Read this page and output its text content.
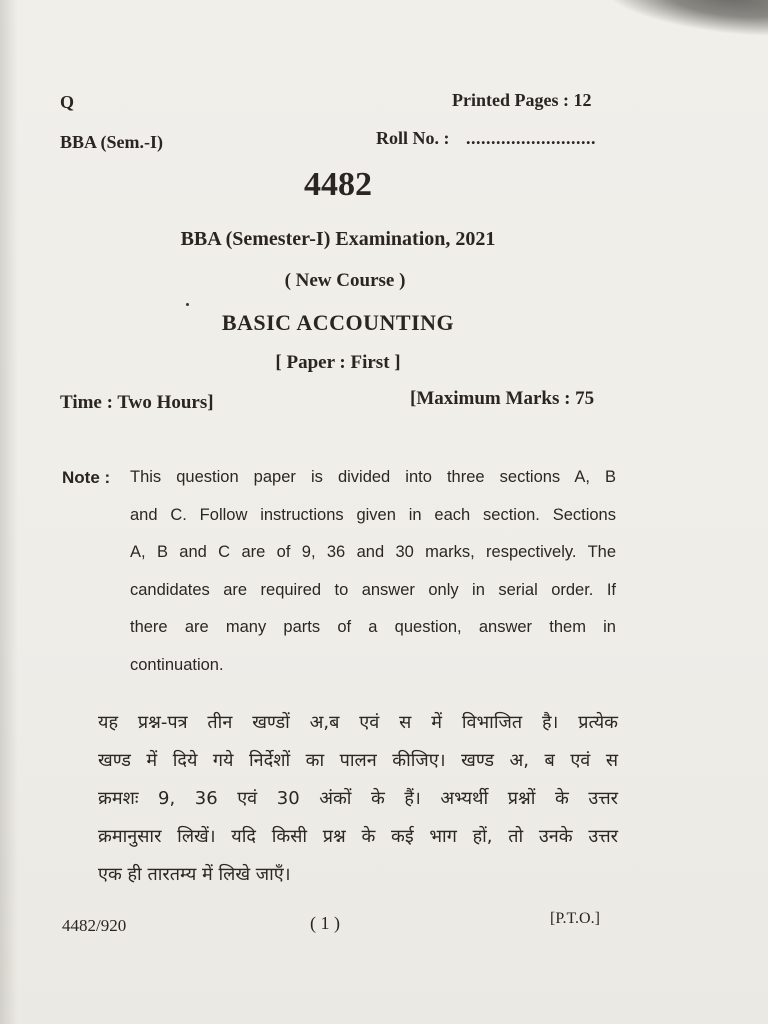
Q	Printed Pages : 12
BBA (Sem.-I)	Roll No. : ..........................
4482
BBA (Semester-I) Examination, 2021
( New Course )
BASIC ACCOUNTING
[ Paper : First ]
Time : Two Hours]	[Maximum Marks : 75
Note : This question paper is divided into three sections A, B
and C. Follow instructions given in each section. Sections
A, B and C are of 9, 36 and 30 marks, respectively. The
candidates are required to answer only in serial order. If
there are many parts of a question, answer them in
continuation.
यह प्रश्न-पत्र तीन खण्डों अ,ब एवं स में विभाजित है। प्रत्येक
खण्ड में दिये गये निर्देशों का पालन कीजिए। खण्ड अ, ब एवं स
क्रमशः 9, 36 एवं 30 अंकों के हैं। अभ्यर्थी प्रश्नों के उत्तर
क्रमानुसार लिखें। यदि किसी प्रश्न के कई भाग हों, तो उनके उत्तर
एक ही तारतम्य में लिखे जाएँ।
4482/920	( 1 )	[P.T.O.]
